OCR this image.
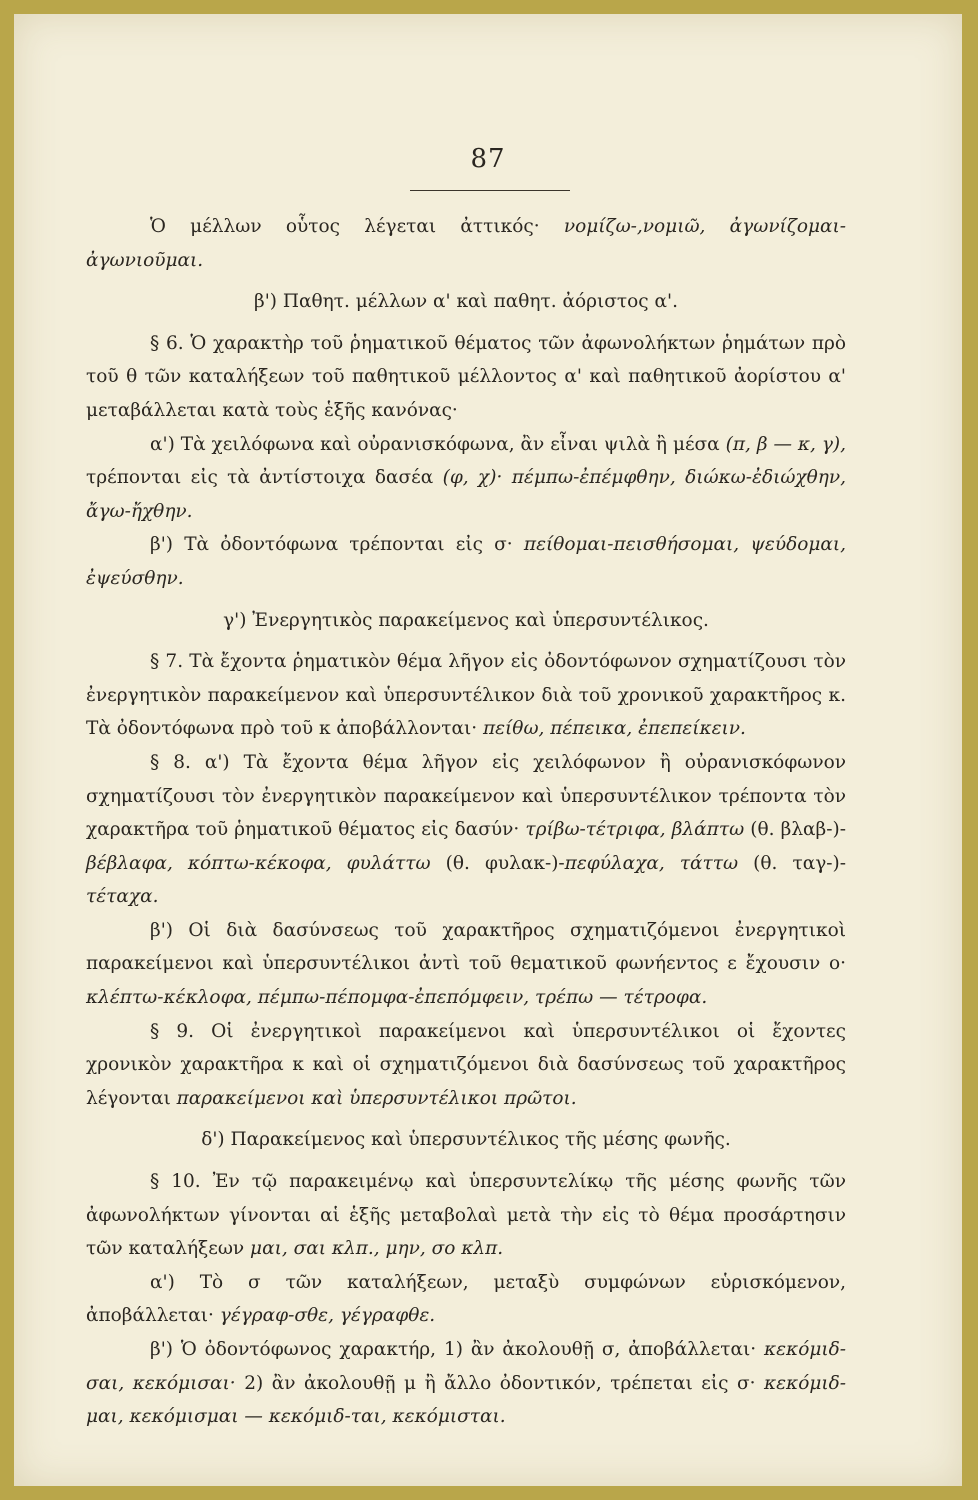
87

Ὁ μέλλων οὗτος λέγεται ἀττικός· νομίζω-,νομιῶ, ἀγωνίζομαι-ἀγωνιοῦμαι.

β') Παθητ. μέλλων α' καὶ παθητ. ἀόριστος α'.

§ 6. Ὁ χαρακτὴρ τοῦ ῥηματικοῦ θέματος τῶν ἀφωνολήκτων ῥημάτων πρὸ τοῦ θ τῶν καταλήξεων τοῦ παθητικοῦ μέλλοντος α' καὶ παθητικοῦ ἀορίστου α' μεταβάλλεται κατὰ τοὺς ἑξῆς κανόνας·

α') Τὰ χειλόφωνα καὶ οὐρανισκόφωνα, ἂν εἶναι ψιλὰ ἢ μέσα (π, β — κ, γ), τρέπονται εἰς τὰ ἀντίστοιχα δασέα (φ, χ)· πέμπω-ἐπέμφθην, διώκω-ἐδιώχθην, ἄγω-ἤχθην.

β') Τὰ ὀδοντόφωνα τρέπονται εἰς σ· πείθομαι-πεισθήσομαι, ψεύδομαι, ἐψεύσθην.

γ') Ἐνεργητικὸς παρακείμενος καὶ ὑπερσυντέλικος.

§ 7. Τὰ ἔχοντα ῥηματικὸν θέμα λῆγον εἰς ὀδοντόφωνον σχηματίζουσι τὸν ἐνεργητικὸν παρακείμενον καὶ ὑπερσυντέλικον διὰ τοῦ χρονικοῦ χαρακτῆρος κ. Τὰ ὀδοντόφωνα πρὸ τοῦ κ ἀποβάλλονται· πείθω, πέπεικα, ἐπεπείκειν.

§ 8. α') Τὰ ἔχοντα θέμα λῆγον εἰς χειλόφωνον ἢ οὐρανισκόφωνον σχηματίζουσι τὸν ἐνεργητικὸν παρακείμενον καὶ ὑπερσυντέλικον τρέποντα τὸν χαρακτῆρα τοῦ ῥηματικοῦ θέματος εἰς δασύν· τρίβω-τέτριφα, βλάπτω (θ. βλαβ-)-βέβλαφα, κόπτω-κέκοφα, φυλάττω (θ. φυλακ-)-πεφύλαχα, τάττω (θ. ταγ-)-τέταχα.

β') Οἱ διὰ δασύνσεως τοῦ χαρακτῆρος σχηματιζόμενοι ἐνεργητικοὶ παρακείμενοι καὶ ὑπερσυντέλικοι ἀντὶ τοῦ θεματικοῦ φωνήεντος ε ἔχουσιν ο· κλέπτω-κέκλοφα, πέμπω-πέπομφα-ἐπεπόμφειν, τρέπω — τέτροφα.

§ 9. Οἱ ἐνεργητικοὶ παρακείμενοι καὶ ὑπερσυντέλικοι οἱ ἔχοντες χρονικὸν χαρακτῆρα κ καὶ οἱ σχηματιζόμενοι διὰ δασύνσεως τοῦ χαρακτῆρος λέγονται παρακείμενοι καὶ ὑπερσυντέλικοι πρῶτοι.

δ') Παρακείμενος καὶ ὑπερσυντέλικος τῆς μέσης φωνῆς.

§ 10. Ἐν τῷ παρακειμένῳ καὶ ὑπερσυντελίκῳ τῆς μέσης φωνῆς τῶν ἀφωνολήκτων γίνονται αἱ ἑξῆς μεταβολαὶ μετὰ τὴν εἰς τὸ θέμα προσάρτησιν τῶν καταλήξεων μαι, σαι κλπ., μην, σο κλπ.

α') Τὸ σ τῶν καταλήξεων, μεταξὺ συμφώνων εὑρισκόμενον, ἀποβάλλεται· γέγραφ-σθε, γέγραφθε.

β') Ὁ ὀδοντόφωνος χαρακτήρ, 1) ἂν ἀκολουθῇ σ, ἀποβάλλεται· κεκόμιδ-σαι, κεκόμισαι· 2) ἂν ἀκολουθῇ μ ἢ ἄλλο ὀδοντικόν, τρέπεται εἰς σ· κεκόμιδ-μαι, κεκόμισμαι — κεκόμιδ-ται, κεκόμισται.
